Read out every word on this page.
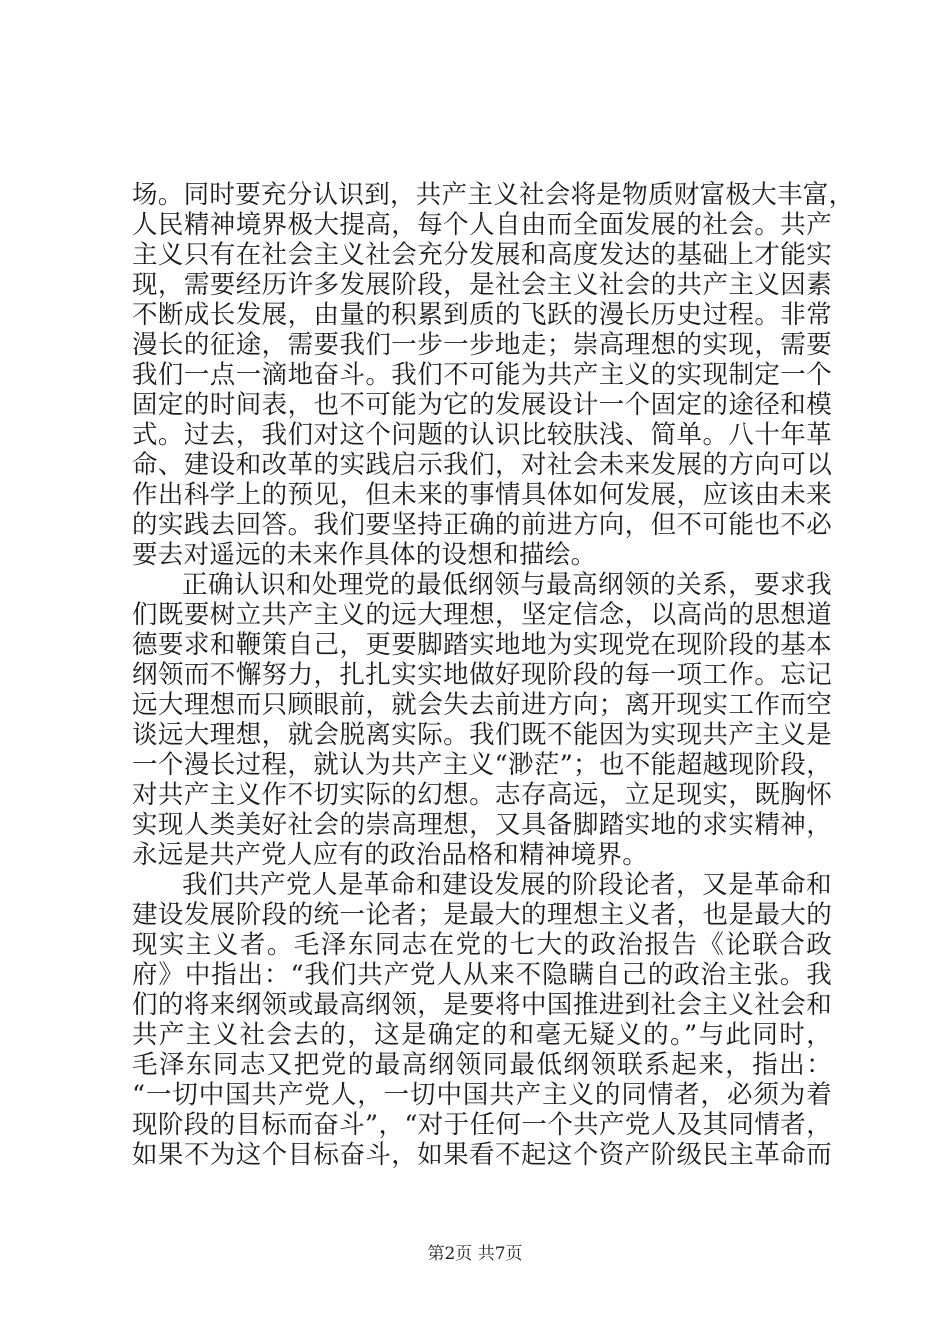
场。同时要充分认识到，共产主义社会将是物质财富极大丰富，
人民精神境界极大提高，每个人自由而全面发展的社会。共产
主义只有在社会主义社会充分发展和高度发达的基础上才能实
现，需要经历许多发展阶段，是社会主义社会的共产主义因素
不断成长发展，由量的积累到质的飞跃的漫长历史过程。非常
漫长的征途，需要我们一步一步地走；崇高理想的实现，需要
我们一点一滴地奋斗。我们不可能为共产主义的实现制定一个
固定的时间表，也不可能为它的发展设计一个固定的途径和模
式。过去，我们对这个问题的认识比较肤浅、简单。八十年革
命、建设和改革的实践启示我们，对社会未来发展的方向可以
作出科学上的预见，但未来的事情具体如何发展，应该由未来
的实践去回答。我们要坚持正确的前进方向，但不可能也不必
要去对遥远的未来作具体的设想和描绘。
正确认识和处理党的最低纲领与最高纲领的关系，要求我
们既要树立共产主义的远大理想，坚定信念，以高尚的思想道
德要求和鞭策自己，更要脚踏实地地为实现党在现阶段的基本
纲领而不懈努力，扎扎实实地做好现阶段的每一项工作。忘记
远大理想而只顾眼前，就会失去前进方向；离开现实工作而空
谈远大理想，就会脱离实际。我们既不能因为实现共产主义是
一个漫长过程，就认为共产主义“渺茫”；也不能超越现阶段，
对共产主义作不切实际的幻想。志存高远，立足现实，既胸怀
实现人类美好社会的崇高理想，又具备脚踏实地的求实精神，
永远是共产党人应有的政治品格和精神境界。
我们共产党人是革命和建设发展的阶段论者，又是革命和
建设发展阶段的统一论者；是最大的理想主义者，也是最大的
现实主义者。毛泽东同志在党的七大的政治报告《论联合政
府》中指出：“我们共产党人从来不隐瞒自己的政治主张。我
们的将来纲领或最高纲领，是要将中国推进到社会主义社会和
共产主义社会去的，这是确定的和毫无疑义的。”与此同时，
毛泽东同志又把党的最高纲领同最低纲领联系起来，指出：
“一切中国共产党人，一切中国共产主义的同情者，必须为着
现阶段的目标而奋斗”，“对于任何一个共产党人及其同情者，
如果不为这个目标奋斗，如果看不起这个资产阶级民主革命而
第2页 共7页
